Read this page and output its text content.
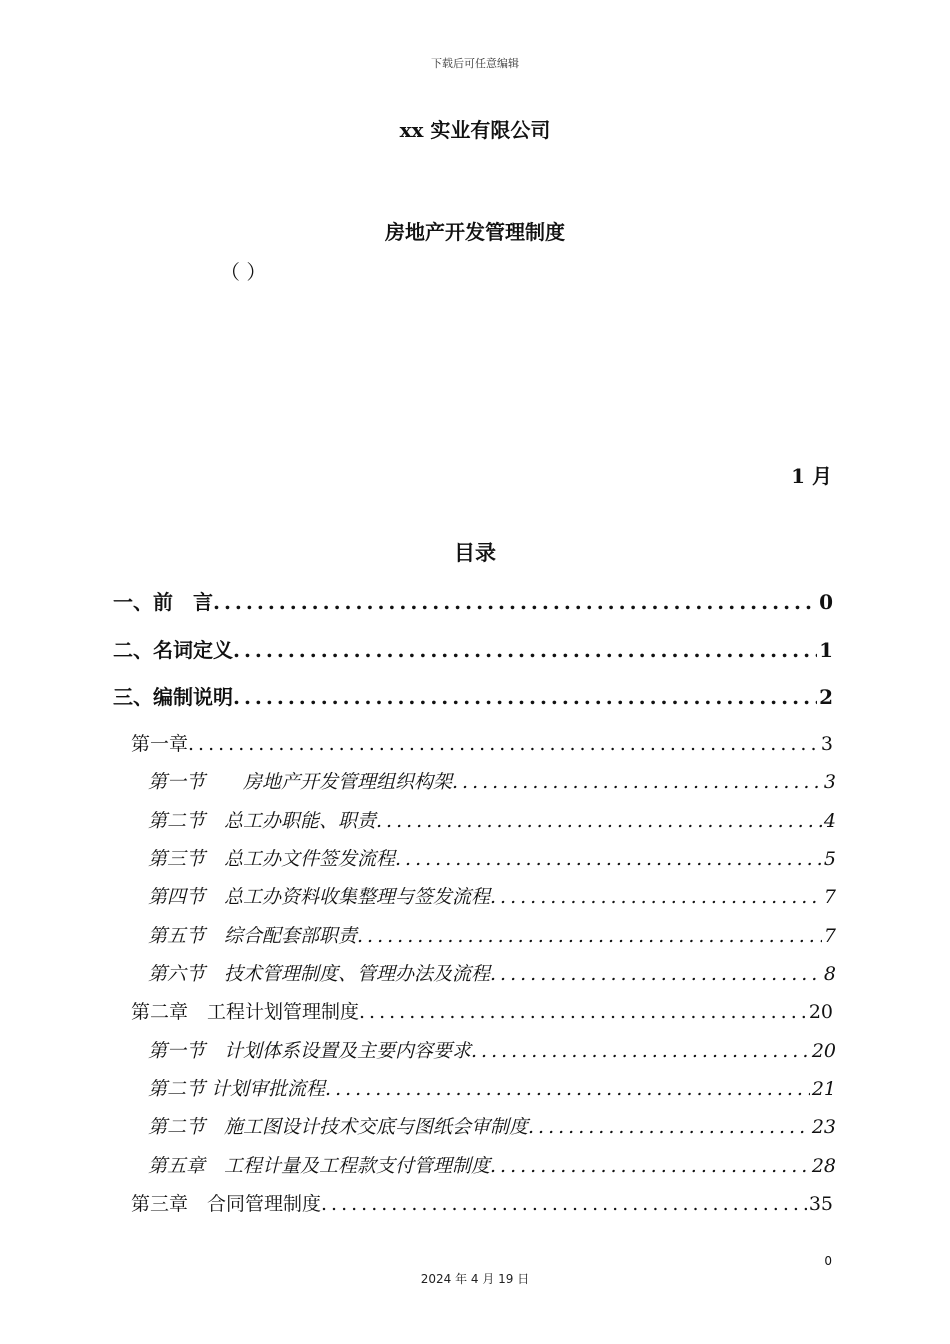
下载后可任意编辑
xx 实业有限公司
房地产开发管理制度
（ ）
1 月
目录
一、前　言 .....	0
二、名词定义 .....	1
三、编制说明 .....	2
第一章 .....	3
第一节　　房地产开发管理组织构架 .....	3
第二节　总工办职能、职责 .....	4
第三节　总工办文件签发流程 .....	5
第四节　总工办资料收集整理与签发流程 .....	7
第五节　综合配套部职责 .....	7
第六节　技术管理制度、管理办法及流程 .....	8
第二章　工程计划管理制度 .....	20
第一节　计划体系设置及主要内容要求 .....	20
第二节 计划审批流程 .....	21
第二节　施工图设计技术交底与图纸会审制度 .....	23
第五章　工程计量及工程款支付管理制度 .....	28
第三章　合同管理制度 .....	35
0
2024 年 4 月 19 日
